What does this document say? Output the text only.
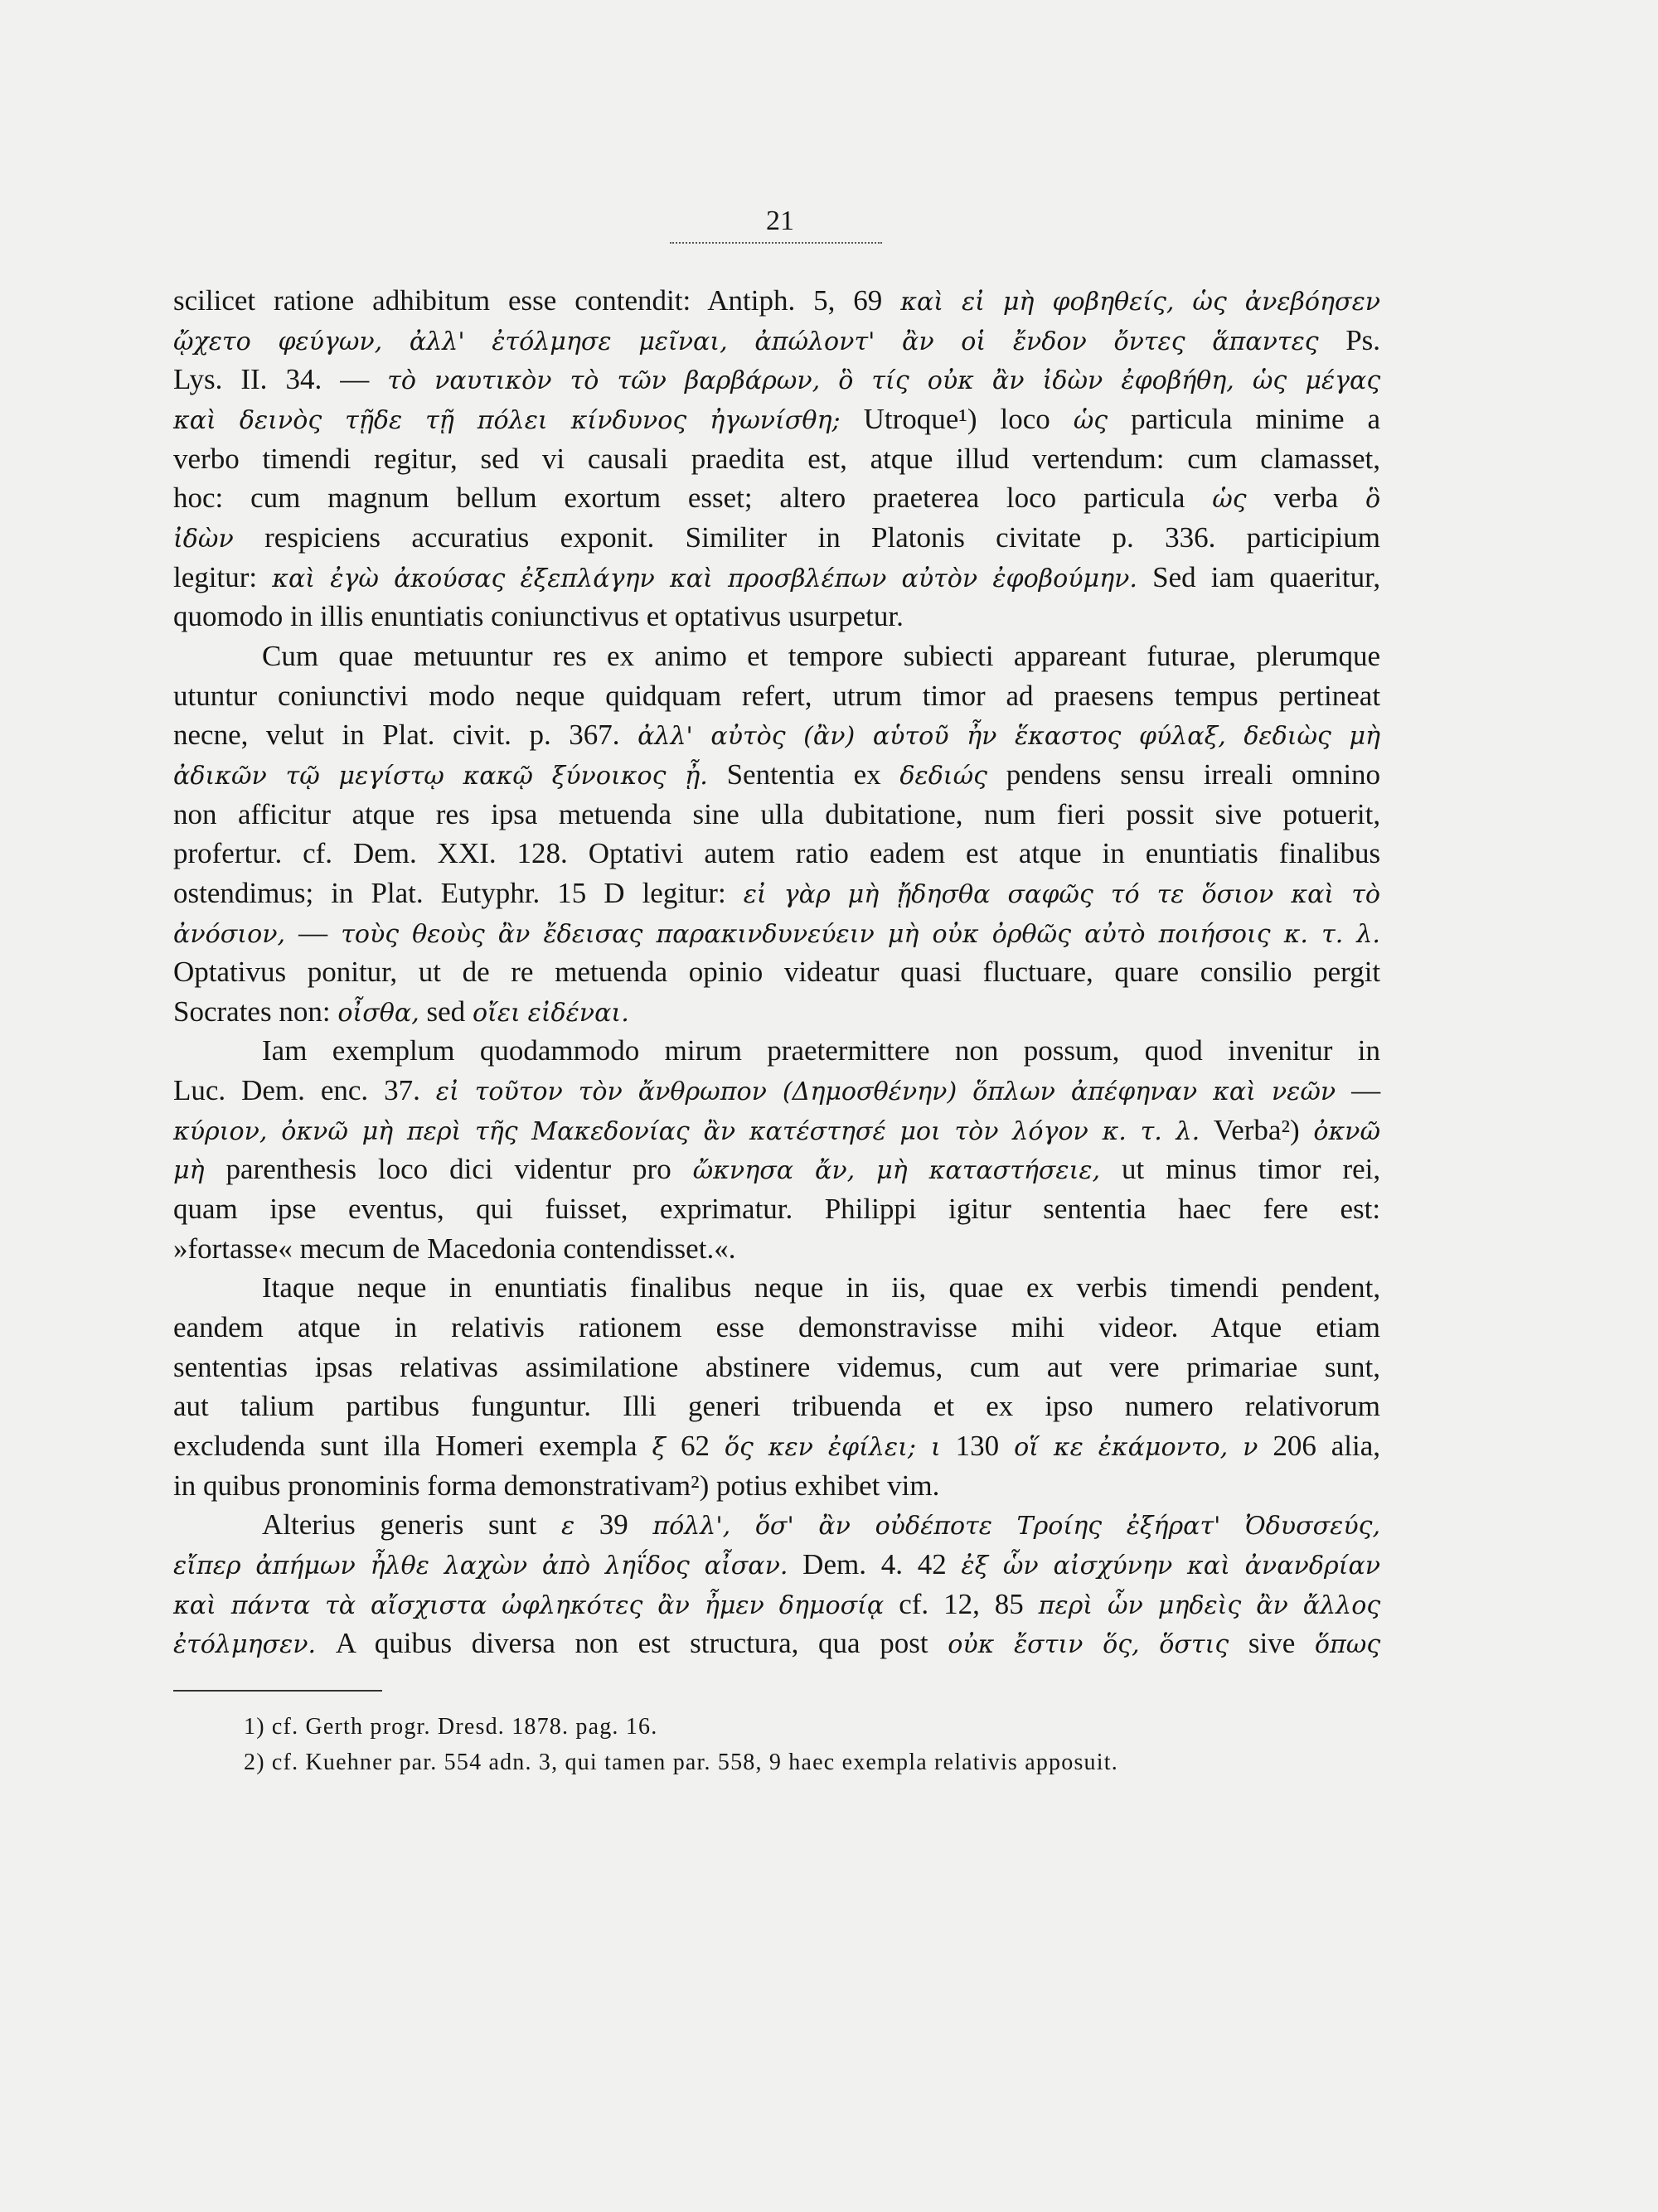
21
scilicet ratione adhibitum esse contendit: Antiph. 5, 69 καὶ εἰ μὴ φοβηθείς, ὡς ἀνεβόησεν
ᾤχετο φεύγων, ἀλλ' ἐτόλμησε μεῖναι, ἀπώλοντ' ἂν οἱ ἔνδον ὄντες ἅπαντες Ps.
Lys. II. 34. — τὸ ναυτικὸν τὸ τῶν βαρβάρων, ὃ τίς οὐκ ἂν ἰδὼν ἐφοβήθη, ὡς μέγας
καὶ δεινὸς τῇδε τῇ πόλει κίνδυνος ἠγωνίσθη; Utroque¹) loco ὡς particula minime a
verbo timendi regitur, sed vi causali praedita est, atque illud vertendum: cum clamasset,
hoc: cum magnum bellum exortum esset; altero praeterea loco particula ὡς verba ὃ
ἰδὼν respiciens accuratius exponit. Similiter in Platonis civitate p. 336. participium
legitur: καὶ ἐγὼ ἀκούσας ἐξεπλάγην καὶ προσβλέπων αὐτὸν ἐφοβούμην. Sed iam quaeritur,
quomodo in illis enuntiatis coniunctivus et optativus usurpetur.
Cum quae metuuntur res ex animo et tempore subiecti appareant futurae, plerumque
utuntur coniunctivi modo neque quidquam refert, utrum timor ad praesens tempus pertineat
necne, velut in Plat. civit. p. 367. ἀλλ' αὐτὸς (ἂν) αὑτοῦ ἦν ἕκαστος φύλαξ, δεδιὼς μὴ
ἀδικῶν τῷ μεγίστῳ κακῷ ξύνοικος ᾖ. Sententia ex δεδιώς pendens sensu irreali omnino
non afficitur atque res ipsa metuenda sine ulla dubitatione, num fieri possit sive potuerit,
profertur. cf. Dem. XXI. 128. Optativi autem ratio eadem est atque in enuntiatis finalibus
ostendimus; in Plat. Eutyphr. 15 D legitur: εἰ γὰρ μὴ ᾔδησθα σαφῶς τό τε ὅσιον καὶ τὸ
ἀνόσιον, — τοὺς θεοὺς ἂν ἔδεισας παρακινδυνεύειν μὴ οὐκ ὀρθῶς αὐτὸ ποιήσοις κ. τ. λ.
Optativus ponitur, ut de re metuenda opinio videatur quasi fluctuare, quare consilio pergit
Socrates non: οἶσθα, sed οἴει εἰδέναι.
Iam exemplum quodammodo mirum praetermittere non possum, quod invenitur in
Luc. Dem. enc. 37. εἰ τοῦτον τὸν ἄνθρωπον (Δημοσθένην) ὅπλων ἀπέφηναν καὶ νεῶν —
κύριον, ὀκνῶ μὴ περὶ τῆς Μακεδονίας ἂν κατέστησέ μοι τὸν λόγον κ. τ. λ. Verba²) ὀκνῶ
μὴ parenthesis loco dici videntur pro ὤκνησα ἄν, μὴ καταστήσειε, ut minus timor rei,
quam ipse eventus, qui fuisset, exprimatur. Philippi igitur sententia haec fere est:
»fortasse« mecum de Macedonia contendisset.«.
Itaque neque in enuntiatis finalibus neque in iis, quae ex verbis timendi pendent,
eandem atque in relativis rationem esse demonstravisse mihi videor. Atque etiam
sententias ipsas relativas assimilatione abstinere videmus, cum aut vere primariae sunt,
aut talium partibus funguntur. Illi generi tribuenda et ex ipso numero relativorum
excludenda sunt illa Homeri exempla ξ 62 ὅς κεν ἐφίλει; ι 130 οἵ κε ἐκάμοντο, ν 206 alia,
in quibus pronominis forma demonstrativam²) potius exhibet vim.
Alterius generis sunt ε 39 πόλλ', ὅσ' ἂν οὐδέποτε Τροίης ἐξήρατ' Ὀδυσσεύς,
εἴπερ ἀπήμων ἦλθε λαχὼν ἀπὸ ληΐδος αἶσαν. Dem. 4. 42 ἐξ ὧν αἰσχύνην καὶ ἀνανδρίαν
καὶ πάντα τὰ αἴσχιστα ὠφληκότες ἂν ἦμεν δημοσίᾳ cf. 12, 85 περὶ ὧν μηδεὶς ἂν ἄλλος
ἐτόλμησεν. A quibus diversa non est structura, qua post οὐκ ἔστιν ὅς, ὅστις sive ὅπως
1) cf. Gerth progr. Dresd. 1878. pag. 16.
2) cf. Kuehner par. 554 adn. 3, qui tamen par. 558, 9 haec exempla relativis apposuit.
